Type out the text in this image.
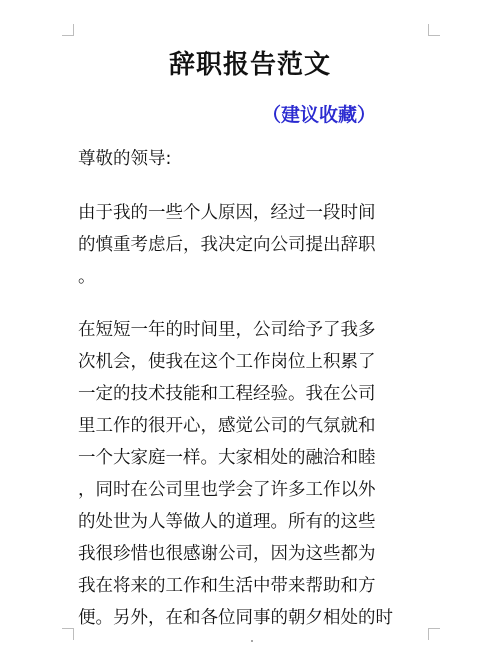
辞职报告范文
（建议收藏）
尊敬的领导:
由于我的一些个人原因，经过一段时间
的慎重考虑后，我决定向公司提出辞职
。
在短短一年的时间里，公司给予了我多
次机会，使我在这个工作岗位上积累了
一定的技术技能和工程经验。我在公司
里工作的很开心，感觉公司的气氛就和
一个大家庭一样。大家相处的融洽和睦
，同时在公司里也学会了许多工作以外
的处世为人等做人的道理。所有的这些
我很珍惜也很感谢公司，因为这些都为
我在将来的工作和生活中带来帮助和方
便。另外，在和各位同事的朝夕相处的时
